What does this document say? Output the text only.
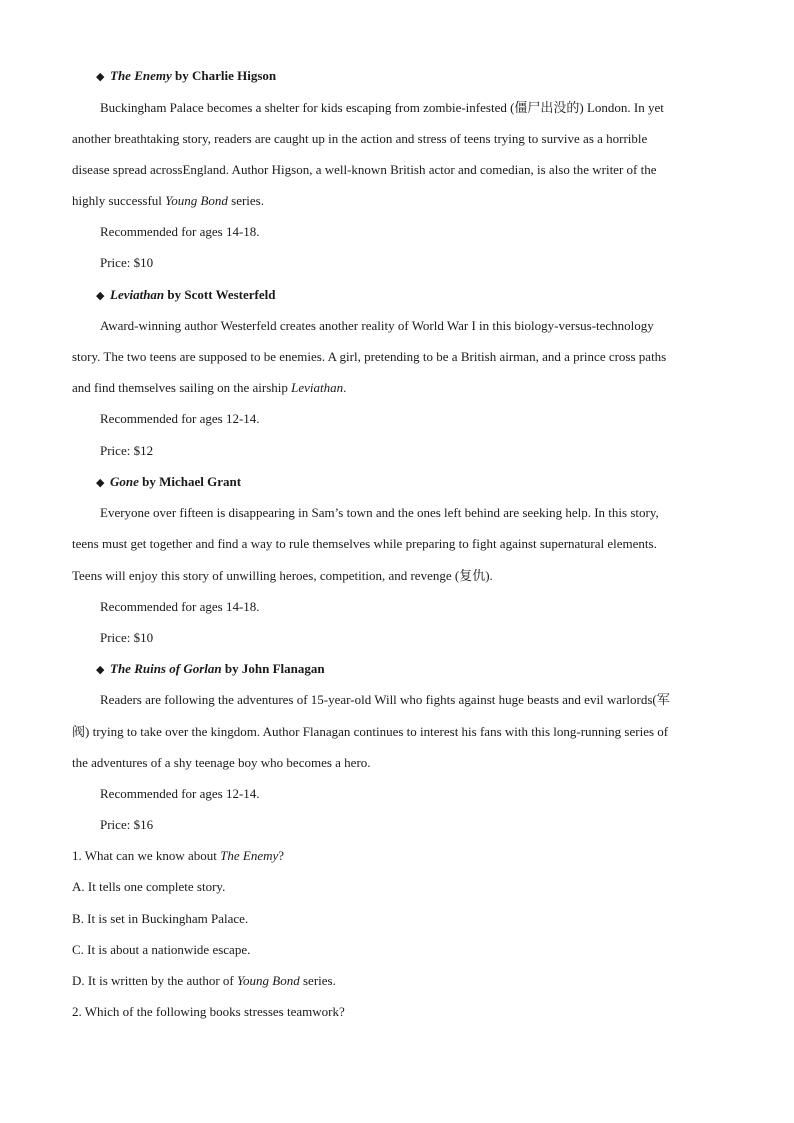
◆ The Enemy by Charlie Higson
Buckingham Palace becomes a shelter for kids escaping from zombie-infested (僵尸出没的) London. In yet
another breathtaking story, readers are caught up in the action and stress of teens trying to survive as a horrible
disease spread acrossEngland. Author Higson, a well-known British actor and comedian, is also the writer of the
highly successful Young Bond series.
Recommended for ages 14-18.
Price: $10
◆ Leviathan by Scott Westerfeld
Award-winning author Westerfeld creates another reality of World War I in this biology-versus-technology
story. The two teens are supposed to be enemies. A girl, pretending to be a British airman, and a prince cross paths
and find themselves sailing on the airship Leviathan.
Recommended for ages 12-14.
Price: $12
◆ Gone by Michael Grant
Everyone over fifteen is disappearing in Sam’s town and the ones left behind are seeking help. In this story,
teens must get together and find a way to rule themselves while preparing to fight against supernatural elements.
Teens will enjoy this story of unwilling heroes, competition, and revenge (复仇).
Recommended for ages 14-18.
Price: $10
◆ The Ruins of Gorlan by John Flanagan
Readers are following the adventures of 15-year-old Will who fights against huge beasts and evil warlords(军
阀) trying to take over the kingdom. Author Flanagan continues to interest his fans with this long-running series of
the adventures of a shy teenage boy who becomes a hero.
Recommended for ages 12-14.
Price: $16
1. What can we know about The Enemy?
A. It tells one complete story.
B. It is set in Buckingham Palace.
C. It is about a nationwide escape.
D. It is written by the author of Young Bond series.
2. Which of the following books stresses teamwork?
